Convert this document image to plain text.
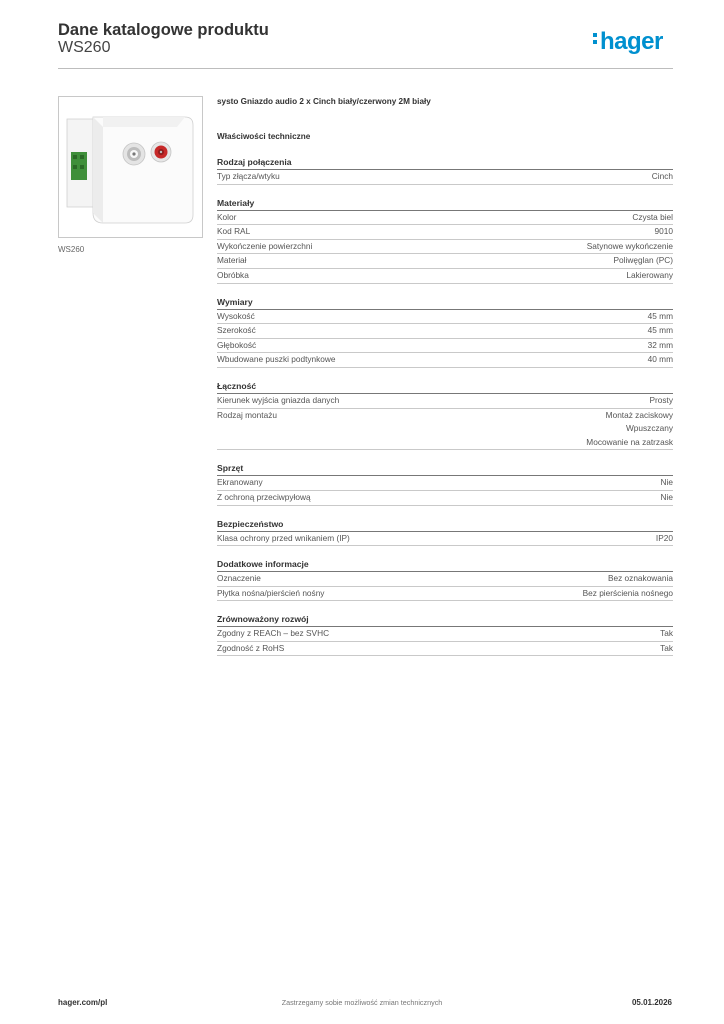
Dane katalogowe produktu
WS260	hager
WS260
systo Gniazdo audio 2 x Cinch biały/czerwony 2M biały
Właściwości techniczne
Rodzaj połączenia
Typ złącza/wtyku	Cinch
Materiały
Kolor	Czysta biel
Kod RAL	9010
Wykończenie powierzchni	Satynowe wykończenie
Materiał	Poliwęglan (PC)
Obróbka	Lakierowany
Wymiary
Wysokość	45 mm
Szerokość	45 mm
Głębokość	32 mm
Wbudowane puszki podtynkowe	40 mm
Łączność
Kierunek wyjścia gniazda danych	Prosty
Rodzaj montażu	Montaż zaciskowy
Wpuszczany
Mocowanie na zatrzask
Sprzęt
Ekranowany	Nie
Z ochroną przeciwpyłową	Nie
Bezpieczeństwo
Klasa ochrony przed wnikaniem (IP)	IP20
Dodatkowe informacje
Oznaczenie	Bez oznakowania
Płytka nośna/pierścień nośny	Bez pierścienia nośnego
Zrównoważony rozwój
Zgodny z REACh – bez SVHC	Tak
Zgodność z RoHS	Tak
hager.com/pl	Zastrzegamy sobie możliwość zmian technicznych	05.01.2026
